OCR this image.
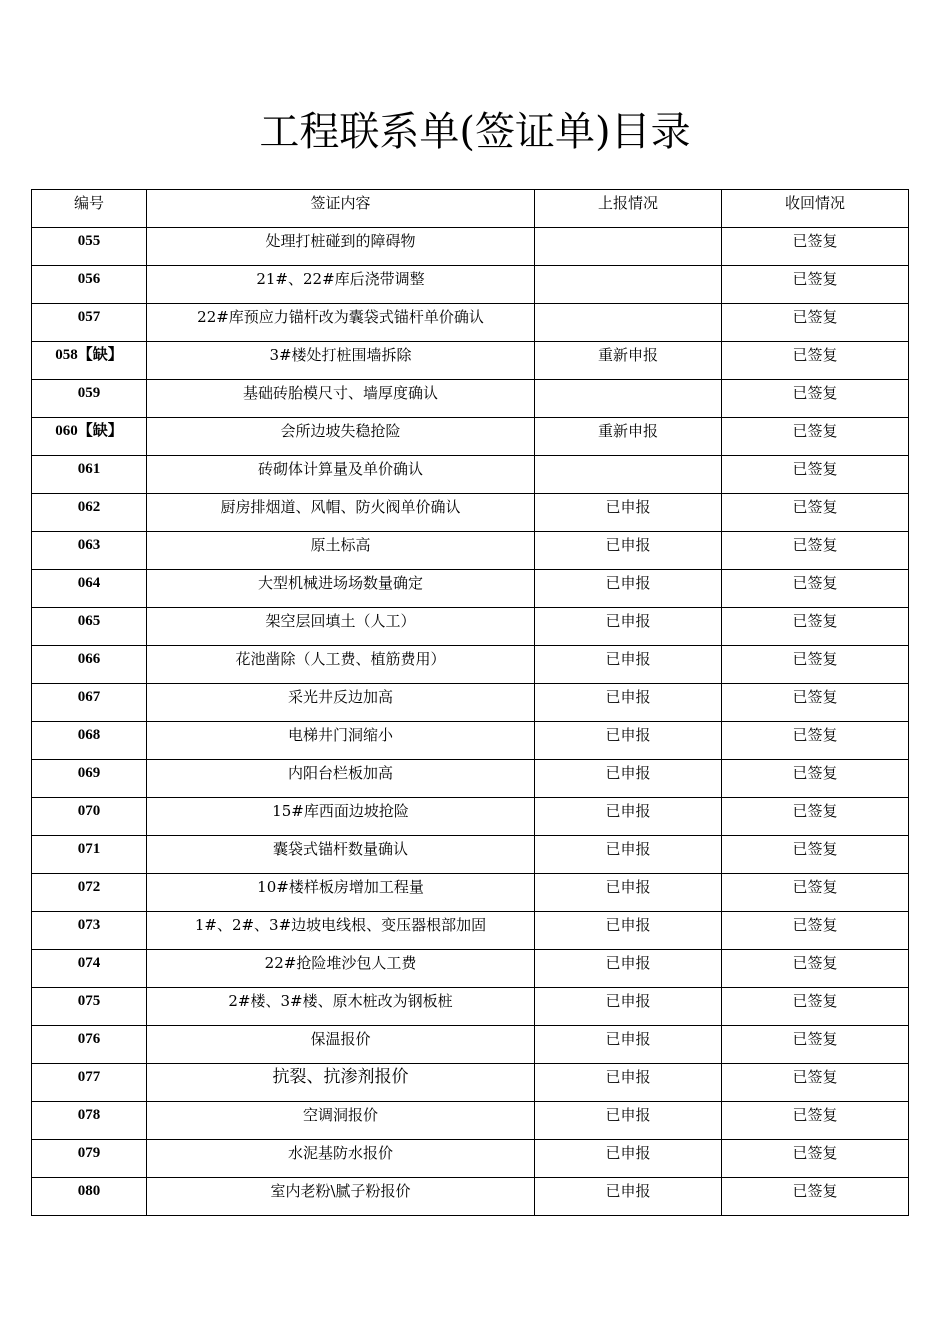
工程联系单(签证单)目录
编号	签证内容	上报情况	收回情况
055	处理打桩碰到的障碍物		已签复
056	21#、22#库后浇带调整		已签复
057	22#库预应力锚杆改为囊袋式锚杆单价确认		已签复
058【缺】	3#楼处打桩围墙拆除	重新申报	已签复
059	基础砖胎模尺寸、墙厚度确认		已签复
060【缺】	会所边坡失稳抢险	重新申报	已签复
061	砖砌体计算量及单价确认		已签复
062	厨房排烟道、风帽、防火阀单价确认	已申报	已签复
063	原土标高	已申报	已签复
064	大型机械进场场数量确定	已申报	已签复
065	架空层回填土（人工）	已申报	已签复
066	花池凿除（人工费、植筋费用）	已申报	已签复
067	采光井反边加高	已申报	已签复
068	电梯井门洞缩小	已申报	已签复
069	内阳台栏板加高	已申报	已签复
070	15#库西面边坡抢险	已申报	已签复
071	囊袋式锚杆数量确认	已申报	已签复
072	10#楼样板房增加工程量	已申报	已签复
073	1#、2#、3#边坡电线根、变压器根部加固	已申报	已签复
074	22#抢险堆沙包人工费	已申报	已签复
075	2#楼、3#楼、原木桩改为钢板桩	已申报	已签复
076	保温报价	已申报	已签复
077	抗裂、抗渗剂报价	已申报	已签复
078	空调洞报价	已申报	已签复
079	水泥基防水报价	已申报	已签复
080	室内老粉\腻子粉报价	已申报	已签复
